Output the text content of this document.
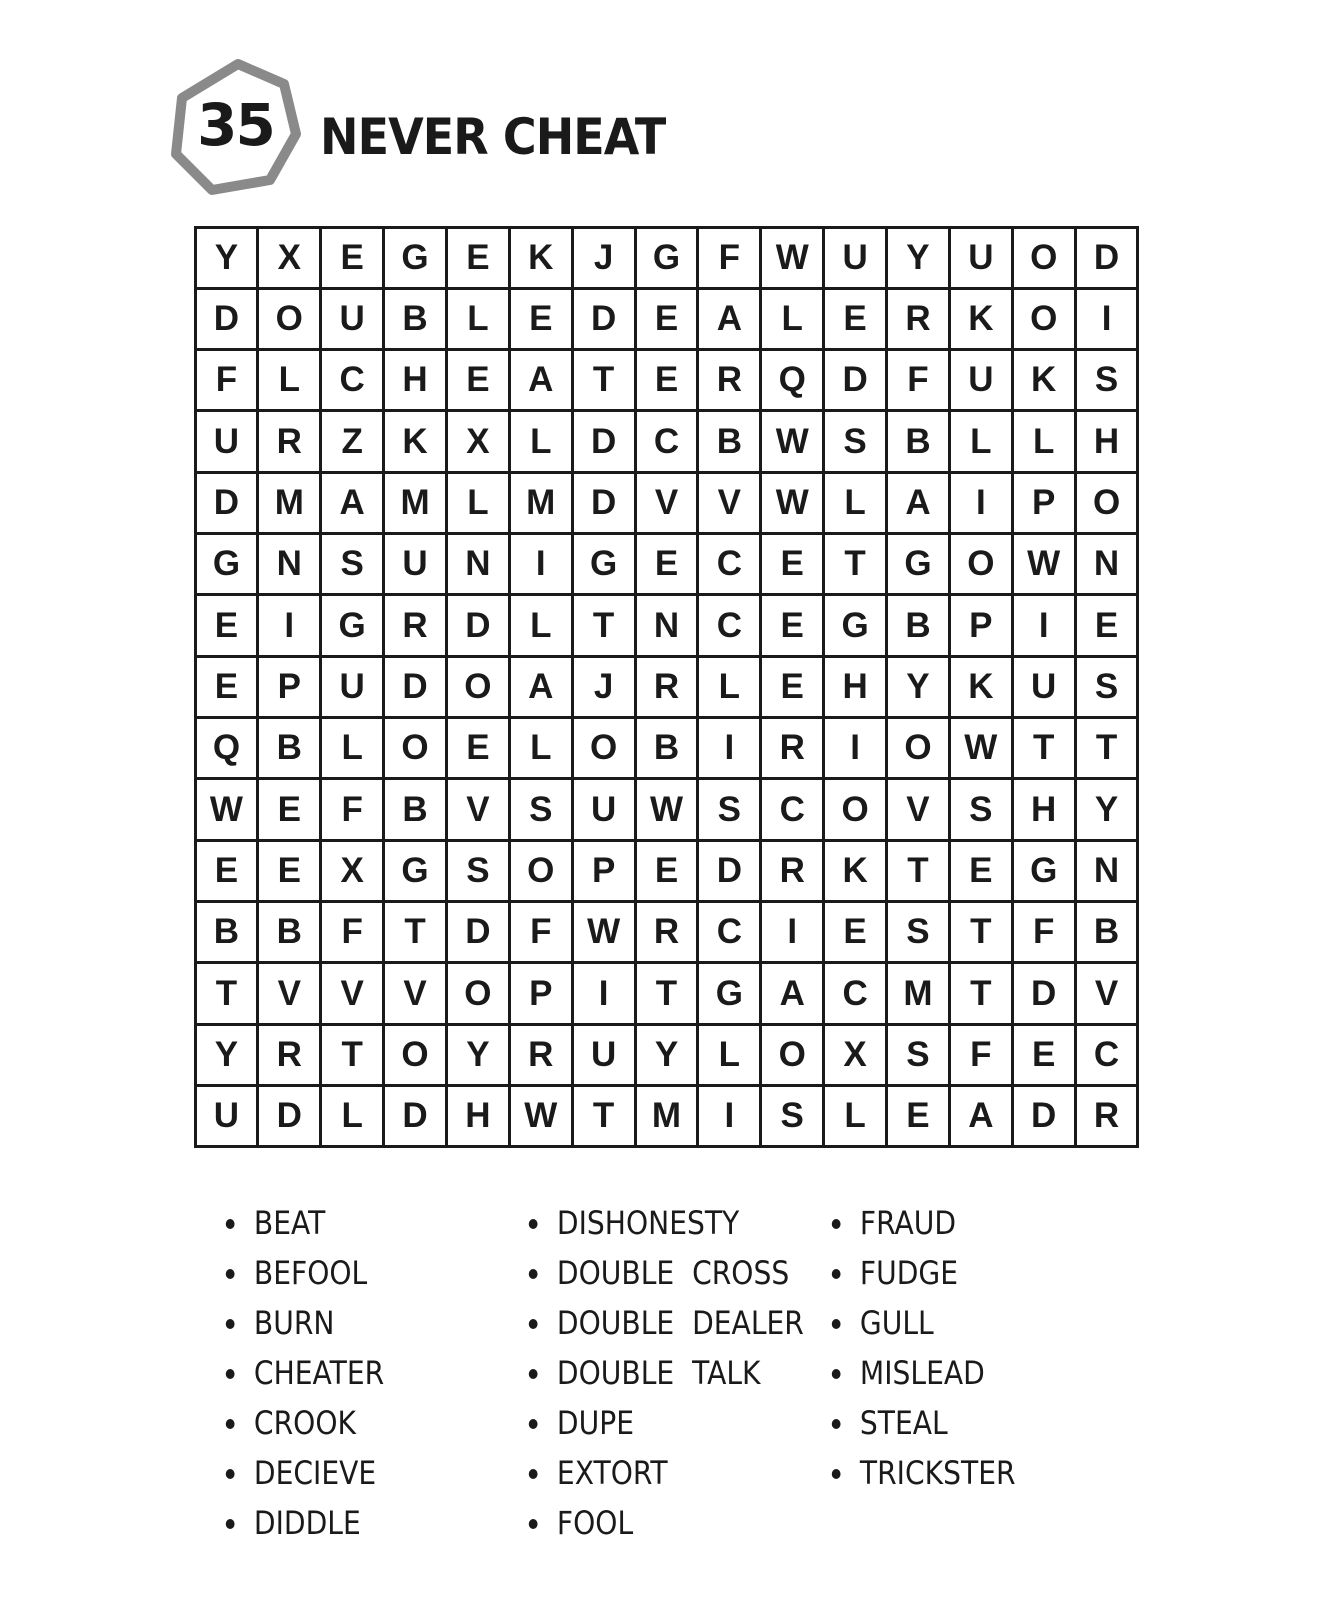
35 NEVER CHEAT
Y	X	E	G	E	K	J	G	F	W U	Y	U	O	D
D	O	U	B	L	E	D	E	A	L	E	R	K	O	I
F	L	C	H	E	A	T	E	R	Q	D	F	U	K	S
U	R	Z	K	X	L	D	C	B W S	B	L	L	H
D	M	A	M	L	M	D	V	V W	L	A	I	P	O
G	N	S	U	N	I	G	E	C	E	T	G	O W N
E	I	G	R	D	L	T	N	C	E	G	B	P	I	E
E	P	U	D	O	A	J	R	L	E	H	Y	K	U	S
Q	B	L	O	E	L	O	B	I	R	I	O W	T	T
W E	F	B	V	S	U W S	C	O	V	S	H	Y
E	E	X	G	S	O	P	E	D	R	K	T	E	G	N
B	B	F	T	D	F	W R	C	I	E	S	T	F	B
T	V	V	V	O	P	I	T	G	A	C	M	T	D	V
Y	R	T	O	Y	R	U	Y	L	O	X	S	F	E	C
U	D	L	D	H W	T	M	I	S	L	E	A	D	R
BEAT
BEFOOL
BURN
CHEATER
CROOK
DECIEVE
DIDDLE
DISHONESTY
DOUBLE  CROSS
DOUBLE  DEALER
DOUBLE  TALK
DUPE
EXTORT
FOOL
FRAUD
FUDGE
GULL
MISLEAD
STEAL
TRICKSTER
